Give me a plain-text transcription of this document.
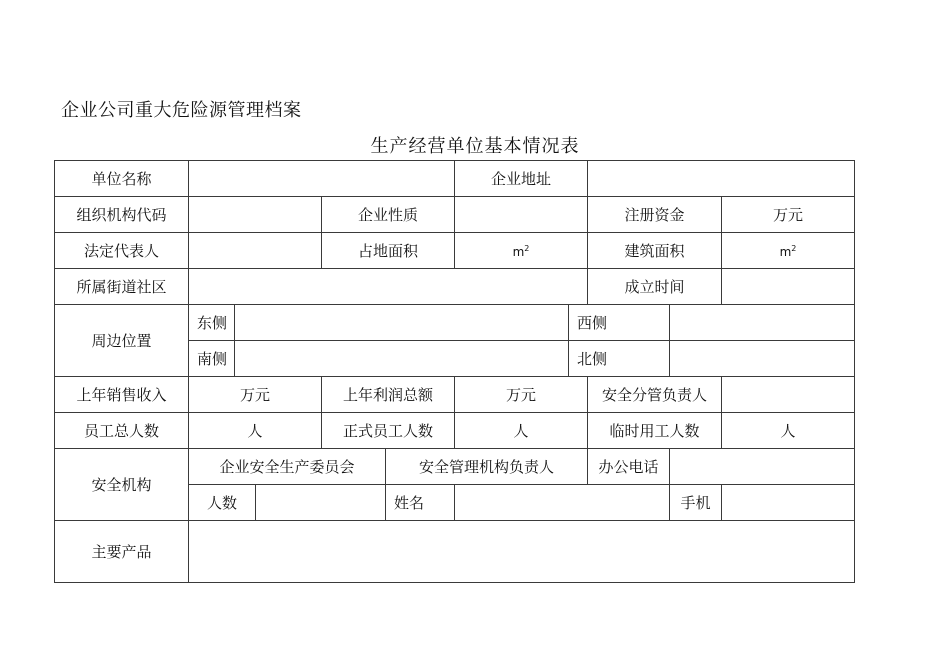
企业公司重大危险源管理档案
生产经营单位基本情况表
单位名称						企业地址				
组织机构代码				企业性质				注册资金		万元
法定代表人				占地面积		$m^2$		建筑面积		$m^2$
所属街道社区								成立时间		
周边位置	东侧						西侧			
	南侧						北侧			
上年销售收入	万元			上年利润总额		万元		安全分管负责人		
员工总人数	人			正式员工人数		人		临时用工人数		人
安全机构	企业安全生产委员会				安全管理机构负责人			办公电话		
	人数				姓名				手机	
主要产品										
